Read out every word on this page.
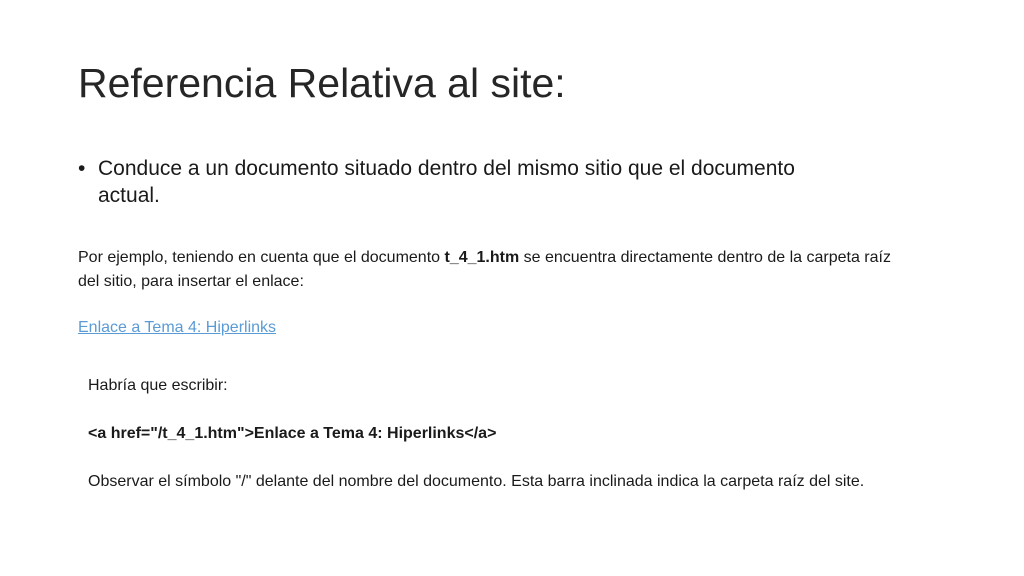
Referencia Relativa al site:
• Conduce a un documento situado dentro del mismo sitio que el documento actual.

Por ejemplo, teniendo en cuenta que el documento t_4_1.htm se encuentra directamente dentro de la carpeta raíz del sitio, para insertar el enlace:

Enlace a Tema 4: Hiperlinks

Habría que escribir:

<a href="/t_4_1.htm">Enlace a Tema 4: Hiperlinks</a>

Observar el símbolo "/" delante del nombre del documento. Esta barra inclinada indica la carpeta raíz del site.
